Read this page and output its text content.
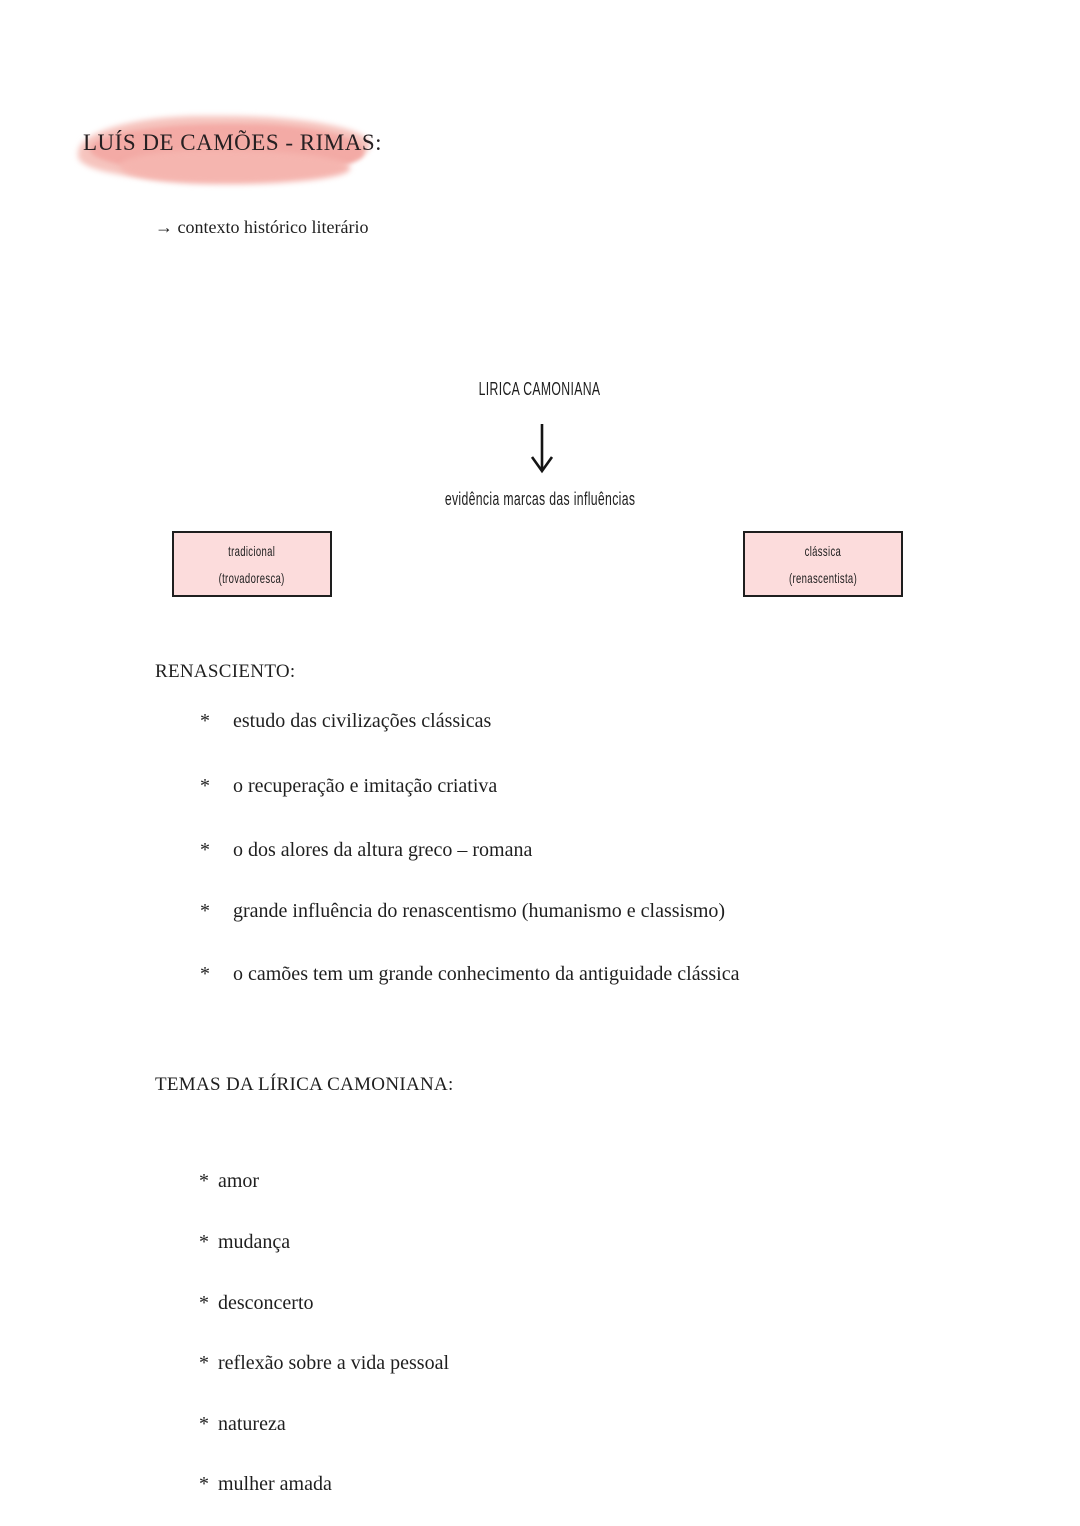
LUÍS DE CAMÕES - RIMAS:
→ contexto histórico literário
LIRICA CAMONIANA
evidência marcas das influências
tradicional
(trovadoresca)
clássica
(renascentista)
RENASCIENTO:
* estudo das civilizações clássicas
* o recuperação e imitação criativa
* o dos alores da altura greco – romana
* grande influência do renascentismo (humanismo e classismo)
* o camões tem um grande conhecimento da antiguidade clássica
TEMAS DA LÍRICA CAMONIANA:
* amor
* mudança
* desconcerto
* reflexão sobre a vida pessoal
* natureza
* mulher amada
